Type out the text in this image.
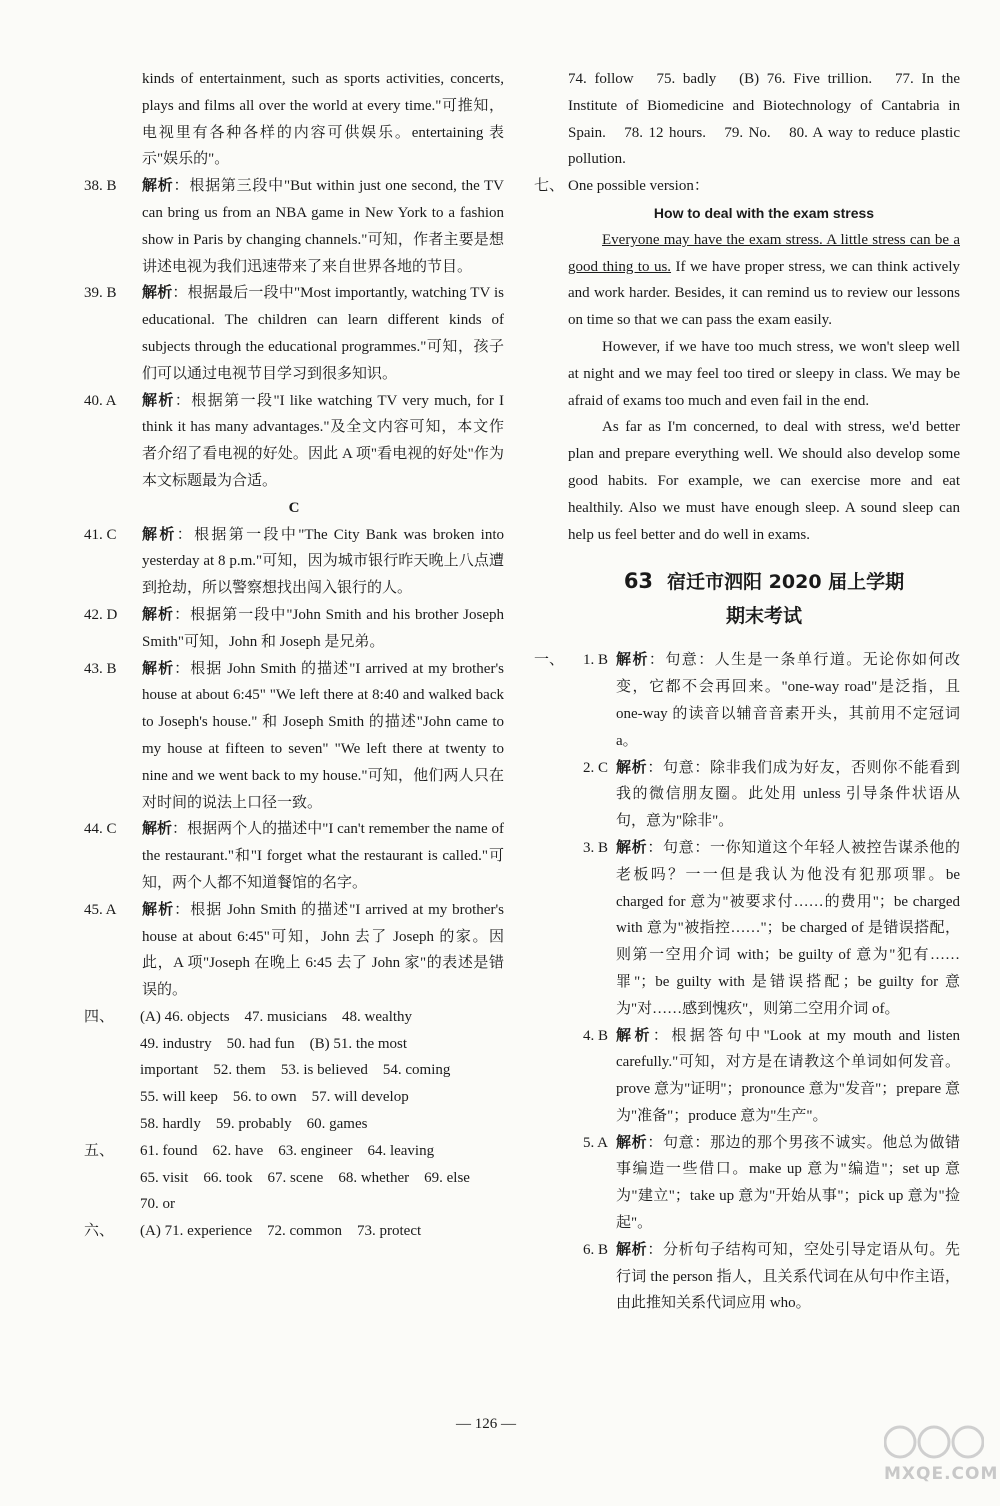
kinds of entertainment, such as sports activities, concerts, plays and films all over the world at every time."可推知，电视里有各种各样的内容可供娱乐。entertaining 表示"娱乐的"。
38. B	解析：根据第三段中"But within just one second, the TV can bring us from an NBA game in New York to a fashion show in Paris by changing channels."可知，作者主要是想讲述电视为我们迅速带来了来自世界各地的节目。
39. B	解析：根据最后一段中"Most importantly, watching TV is educational. The children can learn different kinds of subjects through the educational programmes."可知，孩子们可以通过电视节目学习到很多知识。
40. A	解析：根据第一段"I like watching TV very much, for I think it has many advantages."及全文内容可知，本文作者介绍了看电视的好处。因此 A 项"看电视的好处"作为本文标题最为合适。
C
41. C	解析：根据第一段中"The City Bank was broken into yesterday at 8 p.m."可知，因为城市银行昨天晚上八点遭到抢劫，所以警察想找出闯入银行的人。
42. D	解析：根据第一段中"John Smith and his brother Joseph Smith"可知，John 和 Joseph 是兄弟。
43. B	解析：根据 John Smith 的描述"I arrived at my brother's house at about 6:45" "We left there at 8:40 and walked back to Joseph's house." 和 Joseph Smith 的描述"John came to my house at fifteen to seven" "We left there at twenty to nine and we went back to my house."可知，他们两人只在对时间的说法上口径一致。
44. C	解析：根据两个人的描述中"I can't remember the name of the restaurant."和"I forget what the restaurant is called."可知，两个人都不知道餐馆的名字。
45. A	解析：根据 John Smith 的描述"I arrived at my brother's house at about 6:45"可知，John 去了 Joseph 的家。因此，A 项"Joseph 在晚上 6:45 去了 John 家"的表述是错误的。
四、	(A) 46. objects　47. musicians　48. wealthy
49. industry　50. had fun　(B) 51. the most
important　52. them　53. is believed　54. coming
55. will keep　56. to own　57. will develop
58. hardly　59. probably　60. games
五、	61. found　62. have　63. engineer　64. leaving
65. visit　66. took　67. scene　68. whether　69. else
70. or
六、	(A) 71. experience　72. common　73. protect
74. follow　75. badly　(B) 76. Five trillion.　77. In the Institute of Biomedicine and Biotechnology of Cantabria in Spain.　78. 12 hours.　79. No.　80. A way to reduce plastic pollution.
七、 One possible version：
How to deal with the exam stress
Everyone may have the exam stress. A little stress can be a good thing to us. If we have proper stress, we can think actively and work harder. Besides, it can remind us to review our lessons on time so that we can pass the exam easily.
However, if we have too much stress, we won't sleep well at night and we may feel too tired or sleepy in class. We may be afraid of exams too much and even fail in the end.
As far as I'm concerned, to deal with stress, we'd better plan and prepare everything well. We should also develop some good habits. For example, we can exercise more and eat healthily. Also we must have enough sleep. A sound sleep can help us feel better and do well in exams.
63 宿迁市泗阳 2020 届上学期
期末考试
一、	1. B 解析：句意：人生是一条单行道。无论你如何改变，它都不会再回来。"one-way road"是泛指，且 one-way 的读音以辅音音素开头，其前用不定冠词a。
2. C 解析：句意：除非我们成为好友，否则你不能看到我的微信朋友圈。此处用 unless 引导条件状语从句，意为"除非"。
3. B 解析：句意：一你知道这个年轻人被控告谋杀他的老板吗？一一但是我认为他没有犯那项罪。be charged for 意为"被要求付……的费用"；be charged with 意为"被指控……"；be charged of 是错误搭配，则第一空用介词 with；be guilty of 意为"犯有……罪"；be guilty with 是错误搭配；be guilty for 意为"对……感到愧疚"，则第二空用介词 of。
4. B 解析：根据答句中"Look at my mouth and listen carefully."可知，对方是在请教这个单词如何发音。prove 意为"证明"；pronounce 意为"发音"；prepare 意为"准备"；produce 意为"生产"。
5. A 解析：句意：那边的那个男孩不诚实。他总为做错事编造一些借口。make up 意为"编造"；set up 意为"建立"；take up 意为"开始从事"；pick up 意为"捡起"。
6. B 解析：分析句子结构可知，空处引导定语从句。先行词 the person 指人，且关系代词在从句中作主语，由此推知关系代词应用 who。
— 126 —
MXQE.COM
